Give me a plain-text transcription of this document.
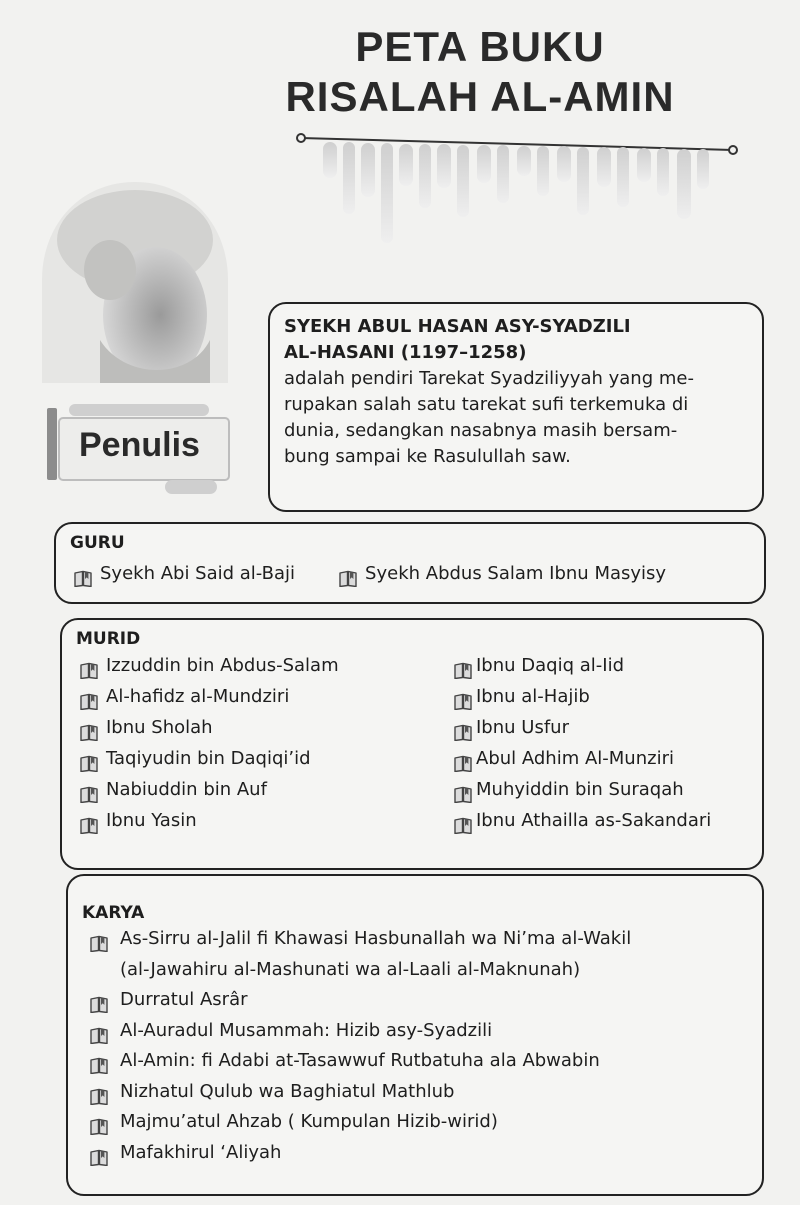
PETA BUKU
RISALAH AL-AMIN
Penulis
SYEKH ABUL HASAN ASY-SYADZILI
AL-HASANI (1197–1258)
adalah pendiri Tarekat Syadziliyyah yang me-
rupakan salah satu tarekat sufi terkemuka di
dunia, sedangkan nasabnya masih bersam-
bung sampai ke Rasulullah saw.
GURU
Syekh Abi Said al-Baji	Syekh Abdus Salam Ibnu Masyisy
MURID
Izzuddin bin Abdus-Salam
Al-hafidz al-Mundziri
Ibnu Sholah
Taqiyudin bin Daqiqi’id
Nabiuddin bin Auf
Ibnu Yasin
Ibnu Daqiq al-Iid
Ibnu al-Hajib
Ibnu Usfur
Abul Adhim Al-Munziri
Muhyiddin bin Suraqah
Ibnu Athailla as-Sakandari
KARYA
As-Sirru al-Jalil fi Khawasi Hasbunallah wa Ni’ma al-Wakil
(al-Jawahiru al-Mashunati wa al-Laali al-Maknunah)
Durratul Asrâr
Al-Auradul Musammah: Hizib asy-Syadzili
Al-Amin: fi Adabi at-Tasawwuf Rutbatuha ala Abwabin
Nizhatul Qulub wa Baghiatul Mathlub
Majmu’atul Ahzab ( Kumpulan Hizib-wirid)
Mafakhirul ‘Aliyah
